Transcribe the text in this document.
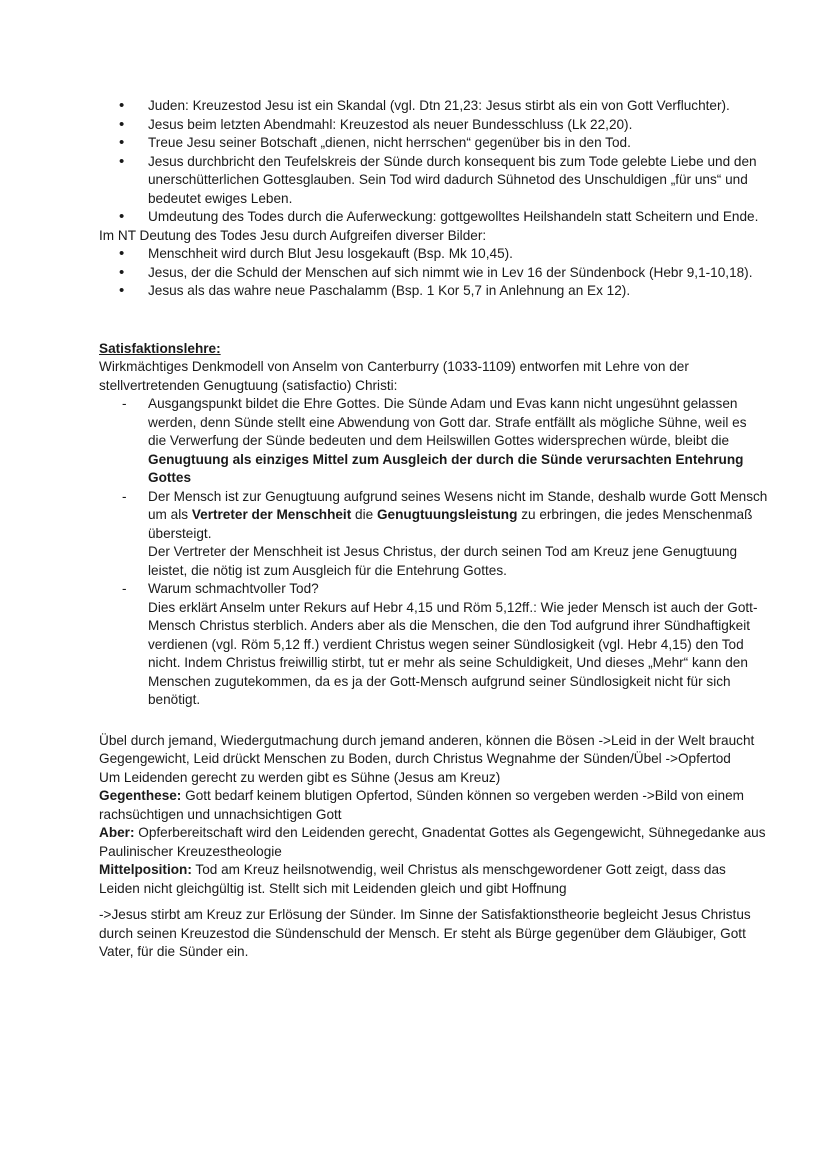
• Juden: Kreuzestod Jesu ist ein Skandal (vgl. Dtn 21,23: Jesus stirbt als ein von Gott Verfluchter).
• Jesus beim letzten Abendmahl: Kreuzestod als neuer Bundesschluss (Lk 22,20).
• Treue Jesu seiner Botschaft „dienen, nicht herrschen“ gegenüber bis in den Tod.
• Jesus durchbricht den Teufelskreis der Sünde durch konsequent bis zum Tode gelebte Liebe und den unerschütterlichen Gottesglauben. Sein Tod wird dadurch Sühnetod des Unschuldigen „für uns“ und bedeutet ewiges Leben.
• Umdeutung des Todes durch die Auferweckung: gottgewolltes Heilshandeln statt Scheitern und Ende.

Im NT Deutung des Todes Jesu durch Aufgreifen diverser Bilder:

• Menschheit wird durch Blut Jesu losgekauft (Bsp. Mk 10,45).
• Jesus, der die Schuld der Menschen auf sich nimmt wie in Lev 16 der Sündenbock (Hebr 9,1-10,18).
• Jesus als das wahre neue Paschalamm (Bsp. 1 Kor 5,7 in Anlehnung an Ex 12).
Satisfaktionslehre:

Wirkmächtiges Denkmodell von Anselm von Canterburry (1033-1109) entworfen mit Lehre von der stellvertretenden Genugtuung (satisfactio) Christi:

- Ausgangspunkt bildet die Ehre Gottes. Die Sünde Adam und Evas kann nicht ungesühnt gelassen werden, denn Sünde stellt eine Abwendung von Gott dar. Strafe entfällt als mögliche Sühne, weil es die Verwerfung der Sünde bedeuten und dem Heilswillen Gottes widersprechen würde, bleibt die Genugtuung als einziges Mittel zum Ausgleich der durch die Sünde verursachten Entehrung Gottes
- Der Mensch ist zur Genugtuung aufgrund seines Wesens nicht im Stande, deshalb wurde Gott Mensch um als Vertreter der Menschheit die Genugtuungsleistung zu erbringen, die jedes Menschenmaß übersteigt.
Der Vertreter der Menschheit ist Jesus Christus, der durch seinen Tod am Kreuz jene Genugtuung leistet, die nötig ist zum Ausgleich für die Entehrung Gottes.
- Warum schmachtvoller Tod?
Dies erklärt Anselm unter Rekurs auf Hebr 4,15 und Röm 5,12ff.: Wie jeder Mensch ist auch der Gott-Mensch Christus sterblich. Anders aber als die Menschen, die den Tod aufgrund ihrer Sündhaftigkeit verdienen (vgl. Röm 5,12 ff.) verdient Christus wegen seiner Sündlosigkeit (vgl. Hebr 4,15) den Tod nicht. Indem Christus freiwillig stirbt, tut er mehr als seine Schuldigkeit, Und dieses „Mehr“ kann den Menschen zugutekommen, da es ja der Gott-Mensch aufgrund seiner Sündlosigkeit nicht für sich benötigt.

Übel durch jemand, Wiedergutmachung durch jemand anderen, können die Bösen ->Leid in der Welt braucht Gegengewicht, Leid drückt Menschen zu Boden, durch Christus Wegnahme der Sünden/Übel ->Opfertod

Um Leidenden gerecht zu werden gibt es Sühne (Jesus am Kreuz)

Gegenthese: Gott bedarf keinem blutigen Opfertod, Sünden können so vergeben werden ->Bild von einem rachsüchtigen und unnachsichtigen Gott

Aber: Opferbereitschaft wird den Leidenden gerecht, Gnadentat Gottes als Gegengewicht, Sühnegedanke aus Paulinischer Kreuzestheologie

Mittelposition: Tod am Kreuz heilsnotwendig, weil Christus als menschgewordener Gott zeigt, dass das Leiden nicht gleichgültig ist. Stellt sich mit Leidenden gleich und gibt Hoffnung

->Jesus stirbt am Kreuz zur Erlösung der Sünder. Im Sinne der Satisfaktionstheorie begleicht Jesus Christus durch seinen Kreuzestod die Sündenschuld der Mensch. Er steht als Bürge gegenüber dem Gläubiger, Gott Vater, für die Sünder ein.
